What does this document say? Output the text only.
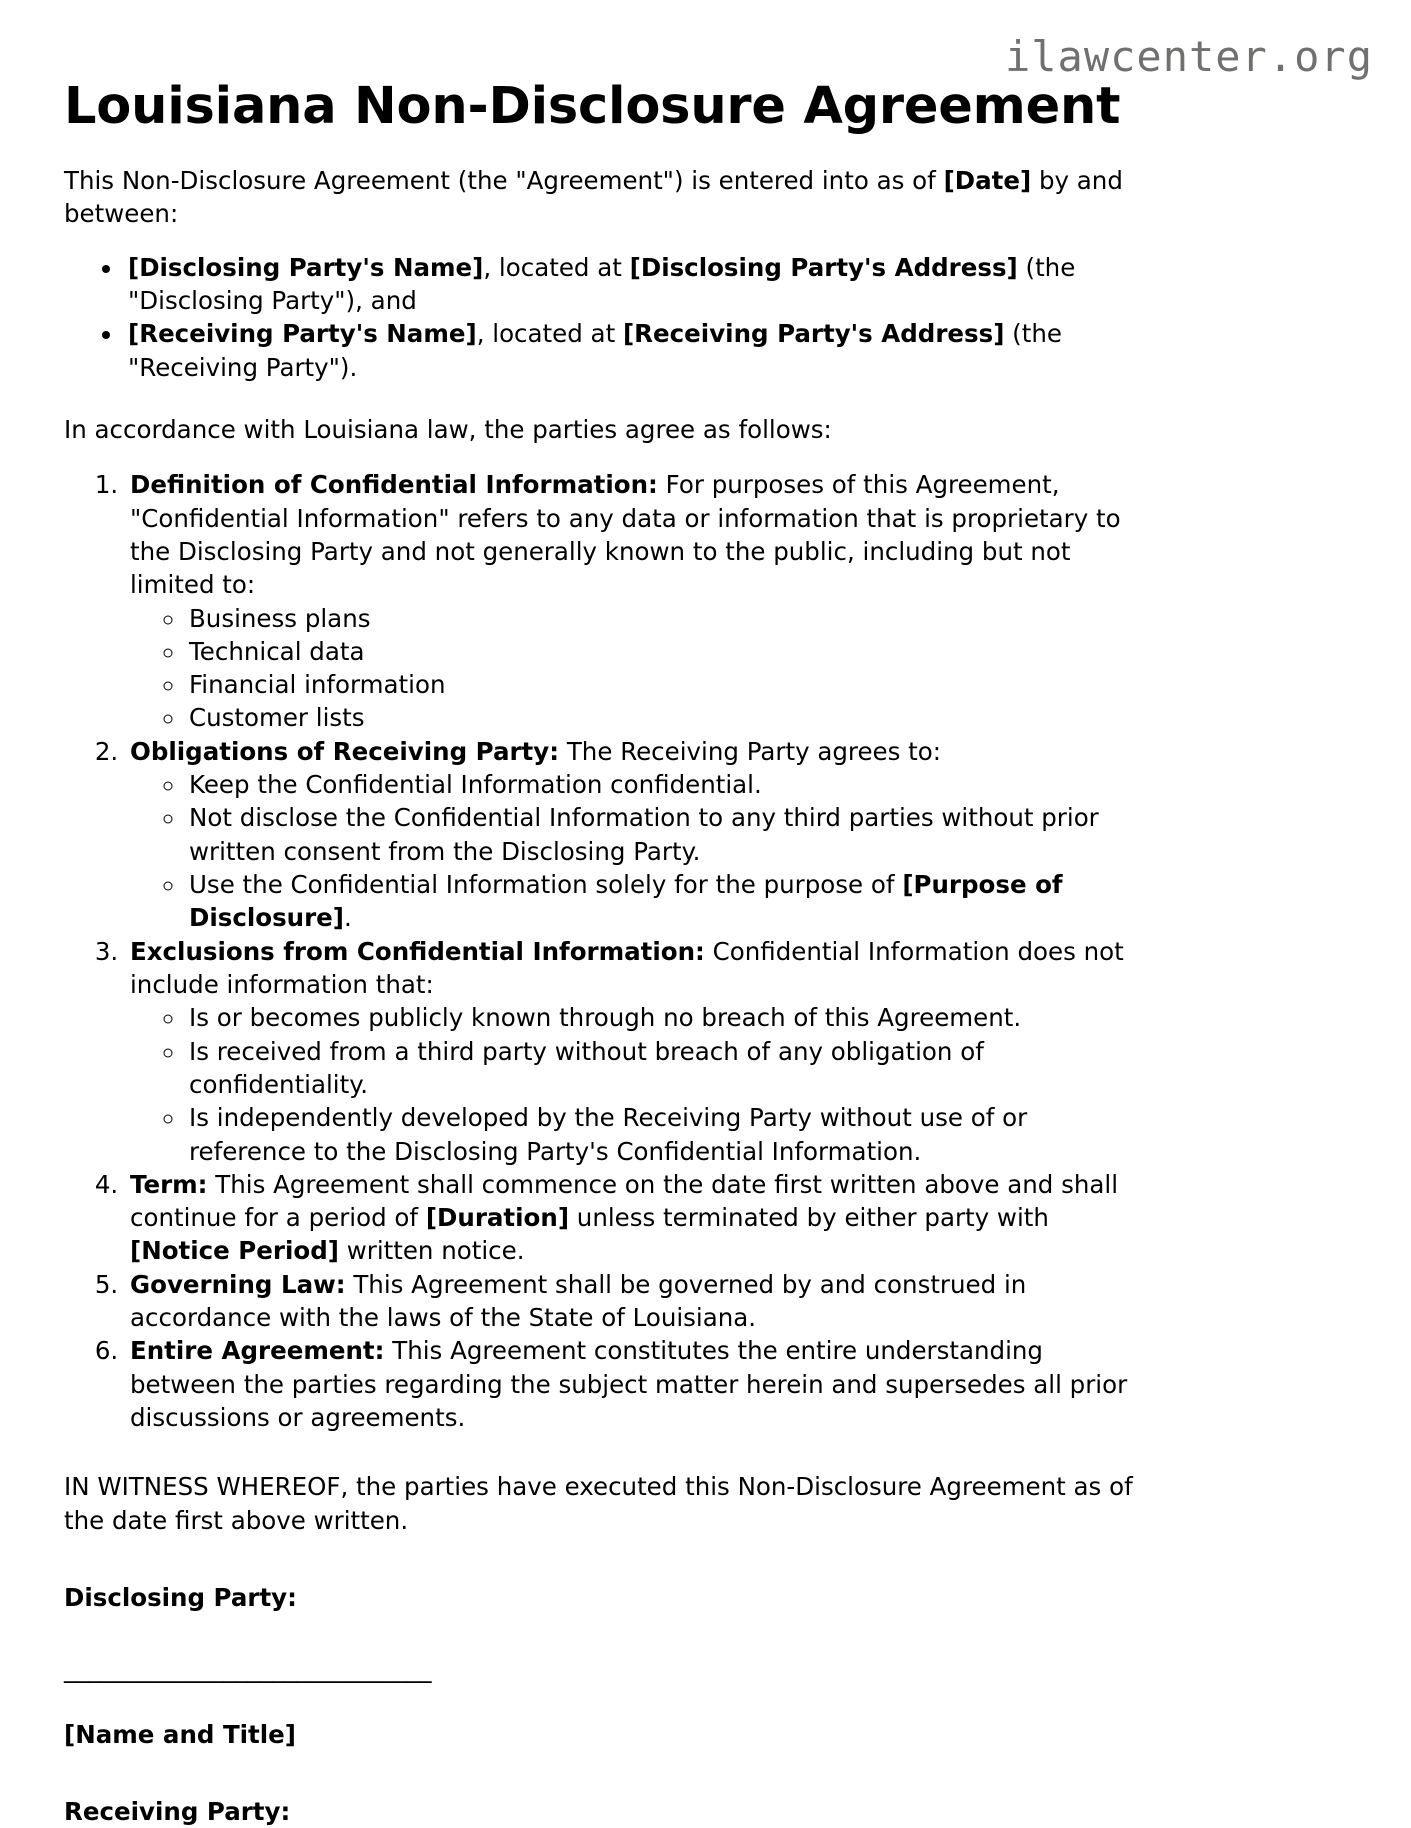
ilawcenter.org
Louisiana Non-Disclosure Agreement

This Non-Disclosure Agreement (the "Agreement") is entered into as of [Date] by and between:

• [Disclosing Party's Name], located at [Disclosing Party's Address] (the "Disclosing Party"), and
• [Receiving Party's Name], located at [Receiving Party's Address] (the "Receiving Party").

In accordance with Louisiana law, the parties agree as follows:

1. Definition of Confidential Information: For purposes of this Agreement, "Confidential Information" refers to any data or information that is proprietary to the Disclosing Party and not generally known to the public, including but not limited to:
◦ Business plans
◦ Technical data
◦ Financial information
◦ Customer lists
2. Obligations of Receiving Party: The Receiving Party agrees to:
◦ Keep the Confidential Information confidential.
◦ Not disclose the Confidential Information to any third parties without prior written consent from the Disclosing Party.
◦ Use the Confidential Information solely for the purpose of [Purpose of Disclosure].
3. Exclusions from Confidential Information: Confidential Information does not include information that:
◦ Is or becomes publicly known through no breach of this Agreement.
◦ Is received from a third party without breach of any obligation of confidentiality.
◦ Is independently developed by the Receiving Party without use of or reference to the Disclosing Party's Confidential Information.
4. Term: This Agreement shall commence on the date first written above and shall continue for a period of [Duration] unless terminated by either party with [Notice Period] written notice.
5. Governing Law: This Agreement shall be governed by and construed in accordance with the laws of the State of Louisiana.
6. Entire Agreement: This Agreement constitutes the entire understanding between the parties regarding the subject matter herein and supersedes all prior discussions or agreements.

IN WITNESS WHEREOF, the parties have executed this Non-Disclosure Agreement as of the date first above written.

Disclosing Party:

______________________________

[Name and Title]

Receiving Party:
